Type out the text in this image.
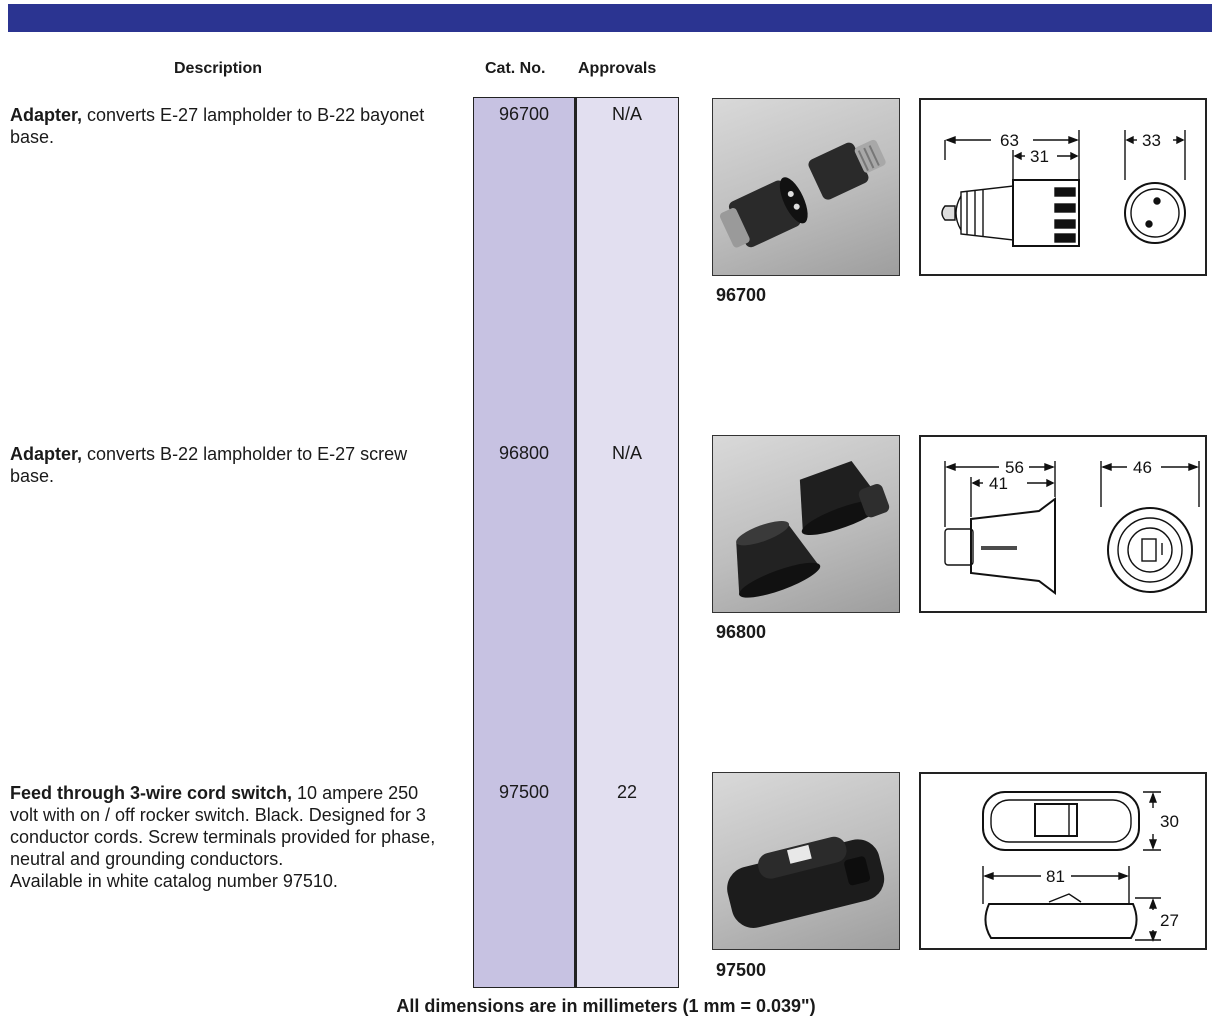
Description	Cat. No. Approvals
Adapter, converts E-27 lampholder to B-22 bayonet base.
96700	N/A
96700
63
31
33
Adapter, converts B-22 lampholder to E-27 screw base.
96800	N/A
96800
56
41
46
Feed through 3-wire cord switch, 10 ampere 250 volt with on / off rocker switch. Black. Designed for 3 conductor cords. Screw terminals provided for phase, neutral and grounding conductors.
Available in white catalog number 97510.
97500	22
97500
30
81
27
All dimensions are in millimeters (1 mm = 0.039")
